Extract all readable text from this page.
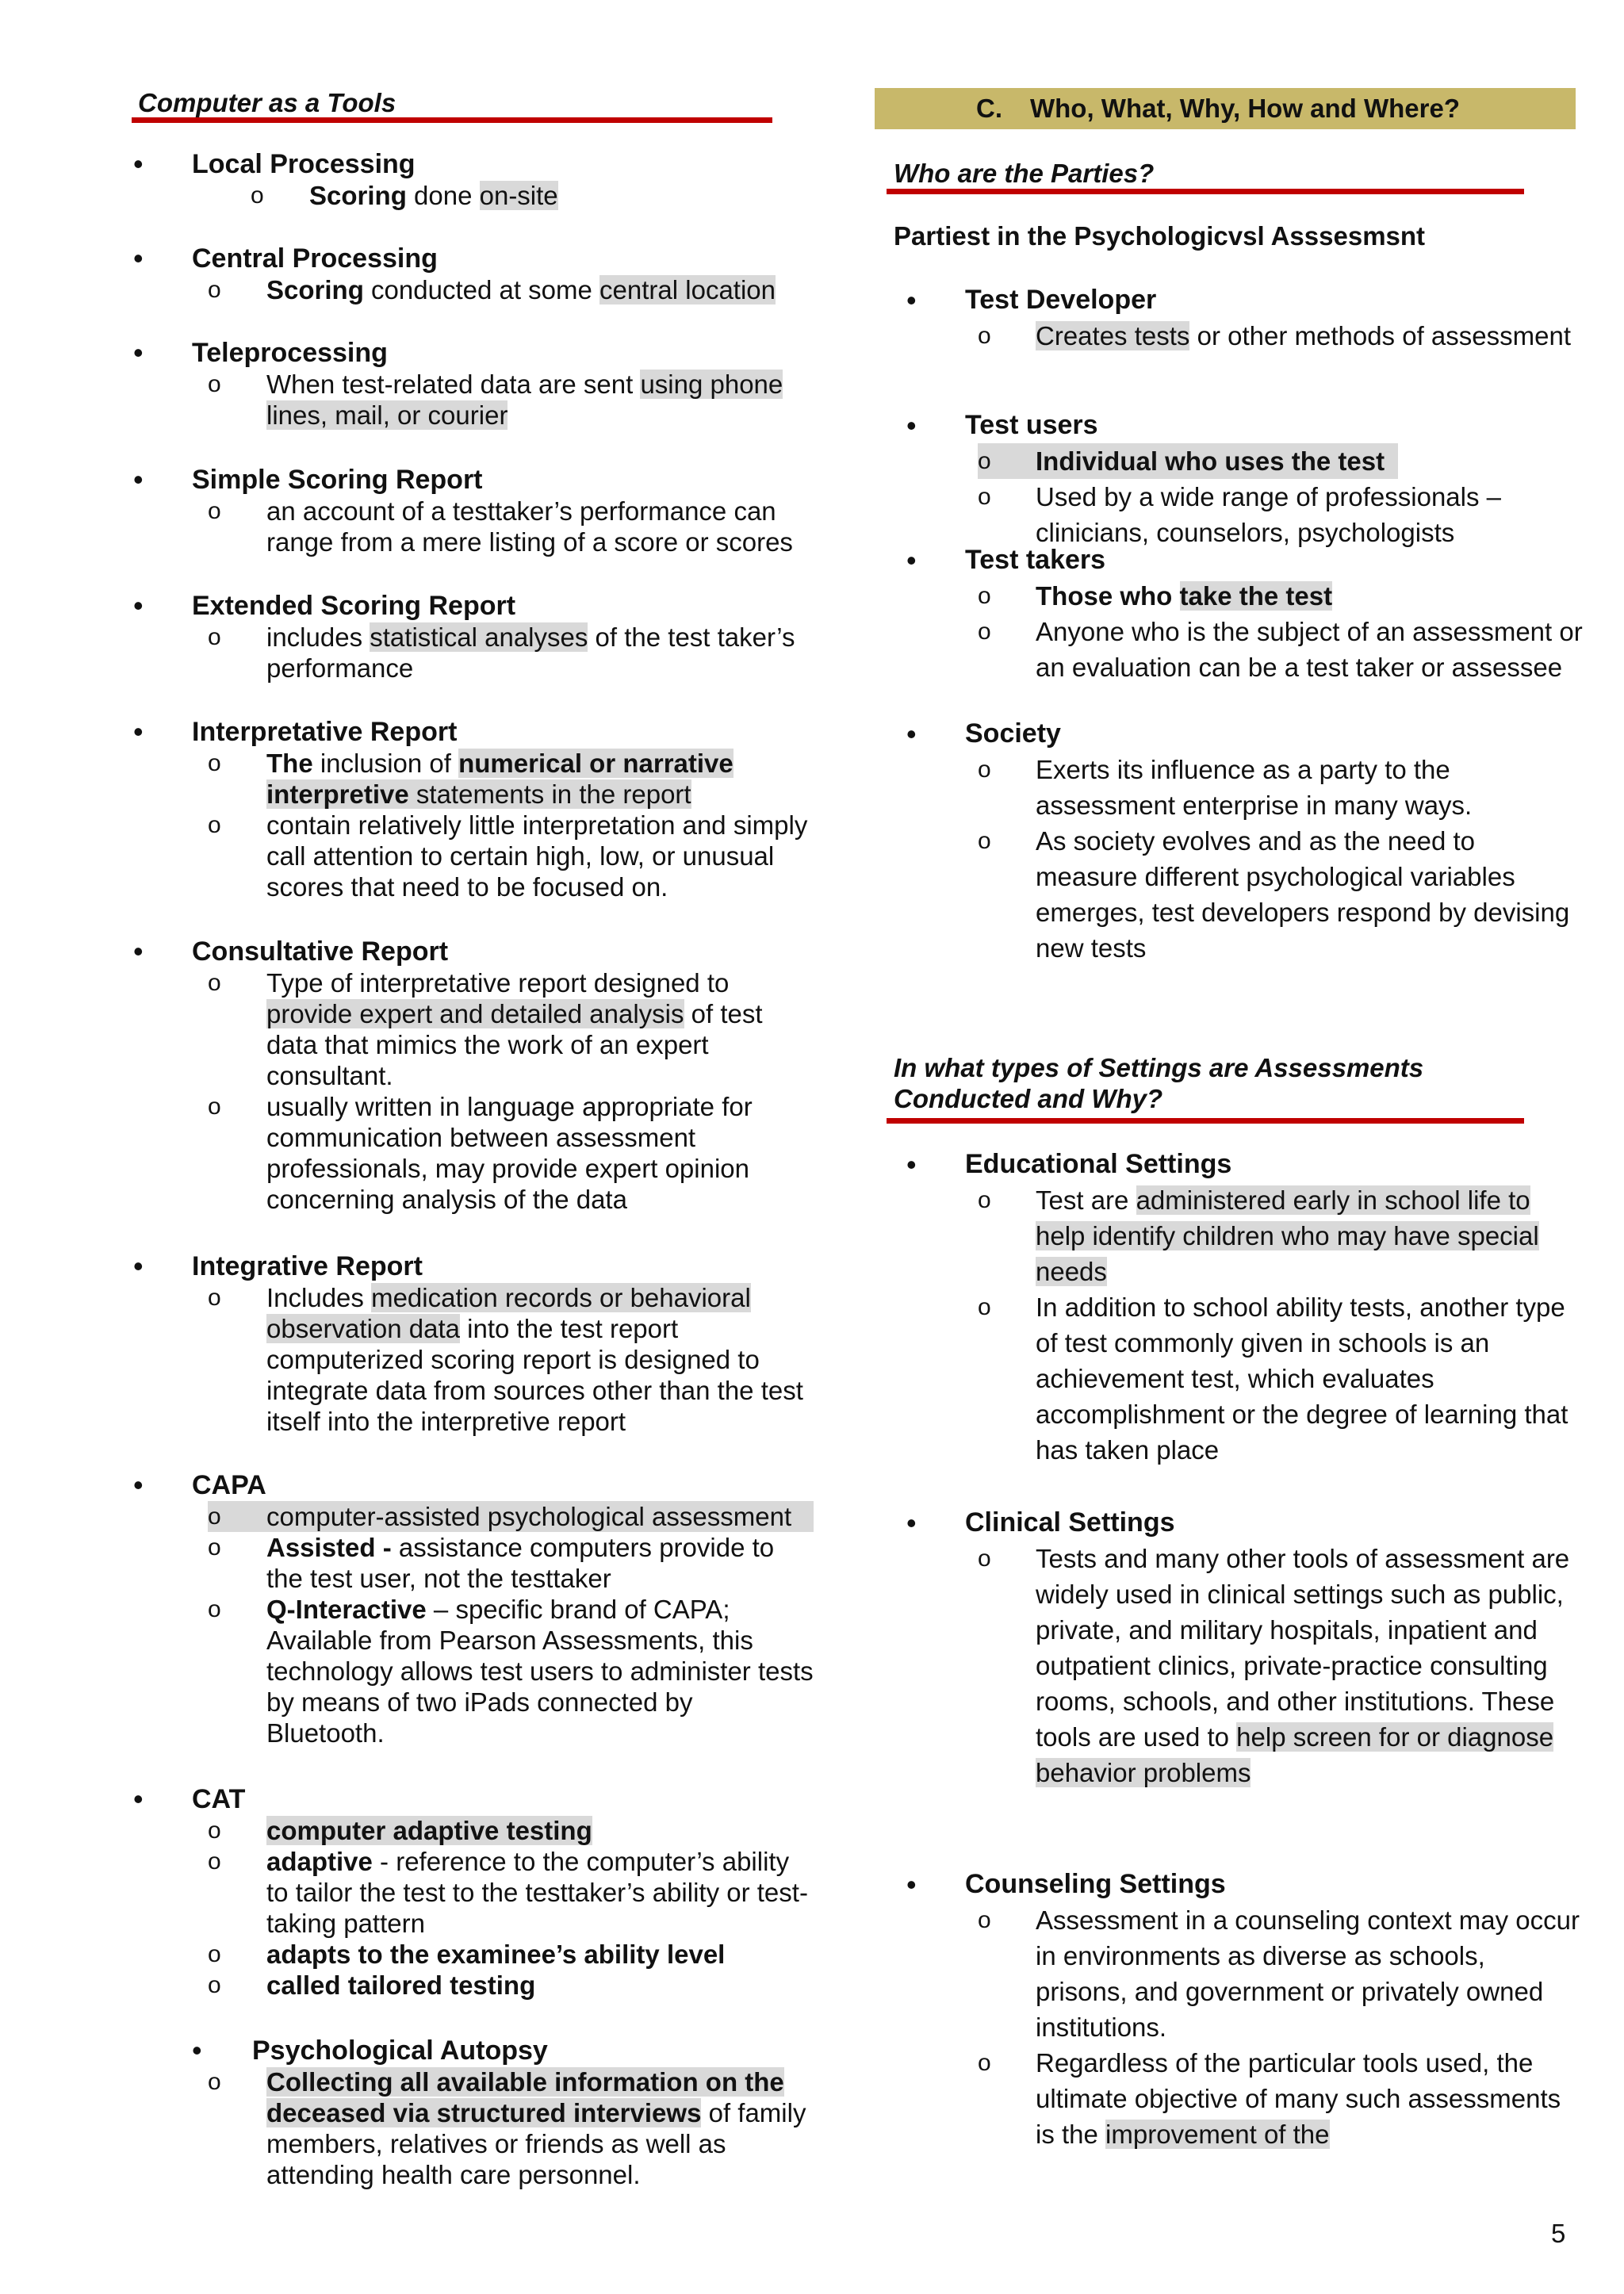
Computer as a Tools
• Local Processing
o Scoring done on-site
• Central Processing
o Scoring conducted at some central location
• Teleprocessing
o When test-related data are sent using phone lines, mail, or courier
• Simple Scoring Report
o an account of a testtaker’s performance can range from a mere listing of a score or scores
• Extended Scoring Report
o includes statistical analyses of the test taker’s performance
• Interpretative Report
o The inclusion of numerical or narrative interpretive statements in the report
o contain relatively little interpretation and simply call attention to certain high, low, or unusual scores that need to be focused on.
• Consultative Report
o Type of interpretative report designed to provide expert and detailed analysis of test data that mimics the work of an expert consultant.
o usually written in language appropriate for communication between assessment professionals, may provide expert opinion concerning analysis of the data
• Integrative Report
o Includes medication records or behavioral observation data into the test report computerized scoring report is designed to integrate data from sources other than the test itself into the interpretive report
• CAPA
o	computer-assisted psychological assessment
o Assisted - assistance computers provide to the test user, not the testtaker
o Q-Interactive – specific brand of CAPA; Available from Pearson Assessments, this technology allows test users to administer tests by means of two iPads connected by Bluetooth.
• CAT
o computer adaptive testing
o adaptive - reference to the computer’s ability to tailor the test to the testtaker’s ability or test-taking pattern
o adapts to the examinee’s ability level
o called tailored testing
• Psychological Autopsy
o Collecting all available information on the deceased via structured interviews of family members, relatives or friends as well as attending health care personnel.
C. Who, What, Why, How and Where?
Who are the Parties?
Partiest in the Psychologicvsl Asssesmsnt
In what types of Settings are Assessments Conducted and Why?
• Test Developer
o Creates tests or other methods of assessment
• Test users
o Individual who uses the test
o Used by a wide range of professionals – clinicians, counselors, psychologists
• Test takers
o Those who take the test
o Anyone who is the subject of an assessment or an evaluation can be a test taker or assessee
• Society
o Exerts its influence as a party to the assessment enterprise in many ways.
o As society evolves and as the need to measure different psychological variables emerges, test developers respond by devising new tests
• Educational Settings
o Test are administered early in school life to help identify children who may have special needs
o In addition to school ability tests, another type of test commonly given in schools is an achievement test, which evaluates accomplishment or the degree of learning that has taken place
• Clinical Settings
o Tests and many other tools of assessment are widely used in clinical settings such as public, private, and military hospitals, inpatient and outpatient clinics, private-practice consulting rooms, schools, and other institutions. These tools are used to help screen for or diagnose behavior problems
• Counseling Settings
o Assessment in a counseling context may occur in environments as diverse as schools, prisons, and government or privately owned institutions.
o Regardless of the particular tools used, the ultimate objective of many such assessments is the improvement of the
5
